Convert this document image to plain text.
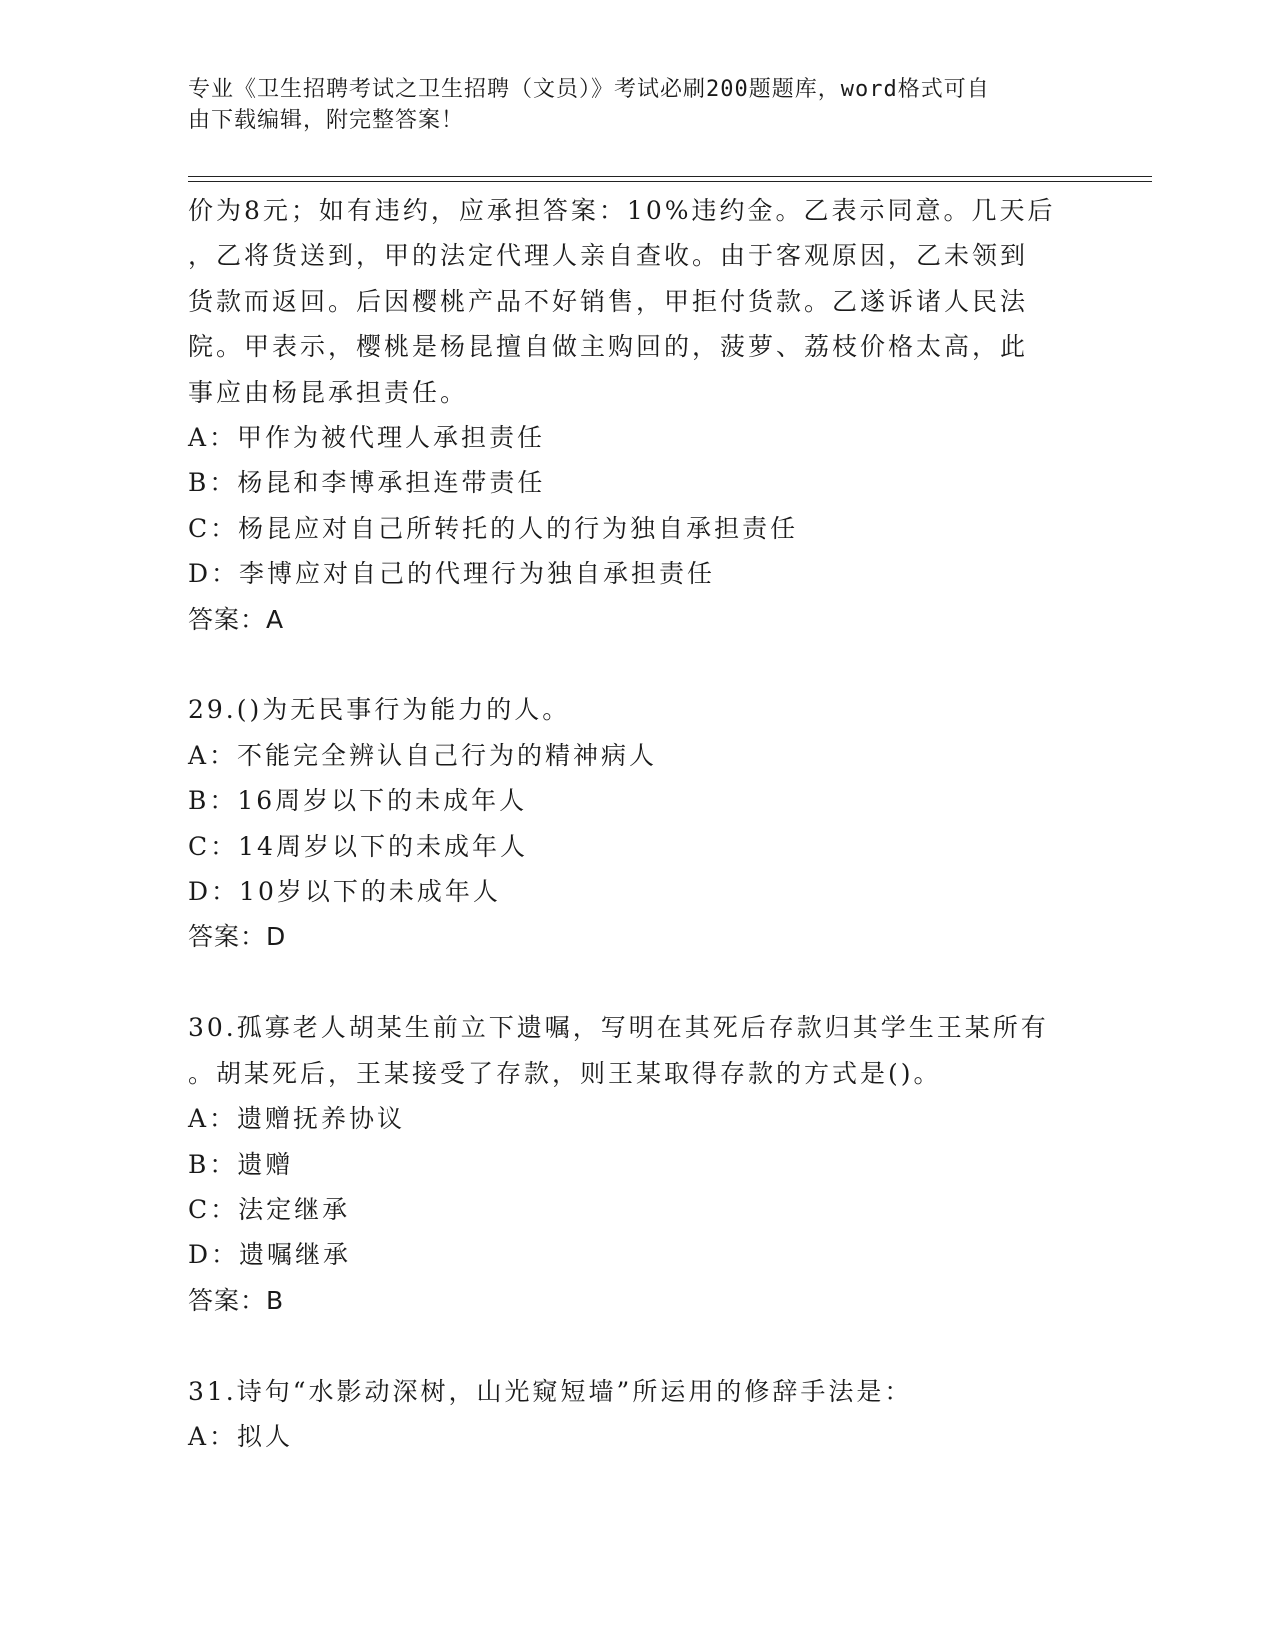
专业《卫生招聘考试之卫生招聘（文员）》考试必刷200题题库，word格式可自
由下载编辑，附完整答案！

价为8元；如有违约，应承担答案：10%违约金。乙表示同意。几天后

，乙将货送到，甲的法定代理人亲自查收。由于客观原因，乙未领到

货款而返回。后因樱桃产品不好销售，甲拒付货款。乙遂诉诸人民法

院。甲表示，樱桃是杨昆擅自做主购回的，菠萝、荔枝价格太高，此

事应由杨昆承担责任。

A：甲作为被代理人承担责任

B：杨昆和李博承担连带责任

C：杨昆应对自己所转托的人的行为独自承担责任

D：李博应对自己的代理行为独自承担责任

答案：A

29.()为无民事行为能力的人。

A：不能完全辨认自己行为的精神病人

B：16周岁以下的未成年人

C：14周岁以下的未成年人

D：10岁以下的未成年人

答案：D

30.孤寡老人胡某生前立下遗嘱，写明在其死后存款归其学生王某所有

。胡某死后，王某接受了存款，则王某取得存款的方式是()。

A：遗赠抚养协议

B：遗赠

C：法定继承

D：遗嘱继承

答案：B

31.诗句“水影动深树，山光窥短墙”所运用的修辞手法是：

A：拟人
